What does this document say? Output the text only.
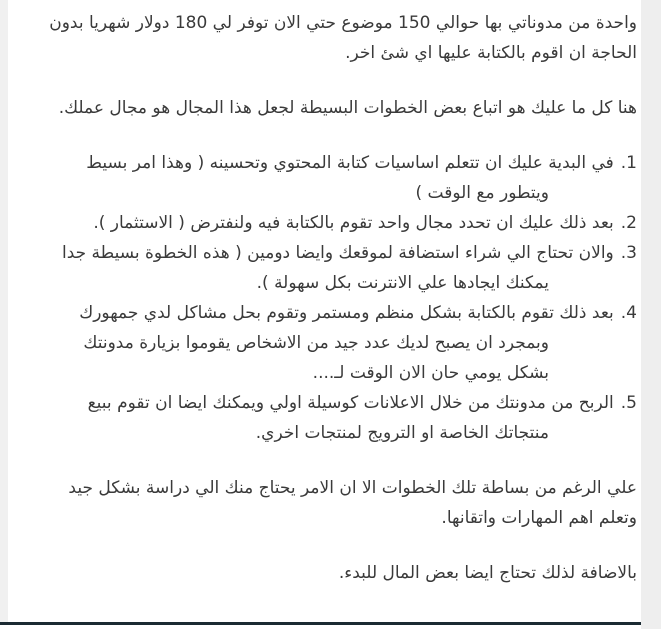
واحدة من مدوناتي بها حوالي 150 موضوع حتي الان توفر لي 180 دولار شهريا بدون الحاجة ان اقوم بالكتابة عليها اي شئ اخر.

هنا كل ما عليك هو اتباع بعض الخطوات البسيطة لجعل هذا المجال هو مجال عملك.

1.في البدية عليك ان تتعلم اساسيات كتابة المحتوي وتحسينه ( وهذا امر بسيط ويتطور مع الوقت )
2.بعد ذلك عليك ان تحدد مجال واحد تقوم بالكتابة فيه ولنفترض ( الاستثمار ).
3.والان تحتاج الي شراء استضافة لموقعك وايضا دومين ( هذه الخطوة بسيطة جدا يمكنك ايجادها علي الانترنت بكل سهولة ).
4.بعد ذلك تقوم بالكتابة بشكل منظم ومستمر وتقوم بحل مشاكل لدي جمهورك وبمجرد ان يصبح لديك عدد جيد من الاشخاص يقوموا بزيارة مدونتك بشكل يومي حان الان الوقت لـ....
5.الربح من مدونتك من خلال الاعلانات كوسيلة اولي ويمكنك ايضا ان تقوم ببيع منتجاتك الخاصة او الترويج لمنتجات اخري.

علي الرغم من بساطة تلك الخطوات الا ان الامر يحتاج منك الي دراسة بشكل جيد وتعلم اهم المهارات واتقانها.

بالاضافة لذلك تحتاج ايضا بعض المال للبدء.
